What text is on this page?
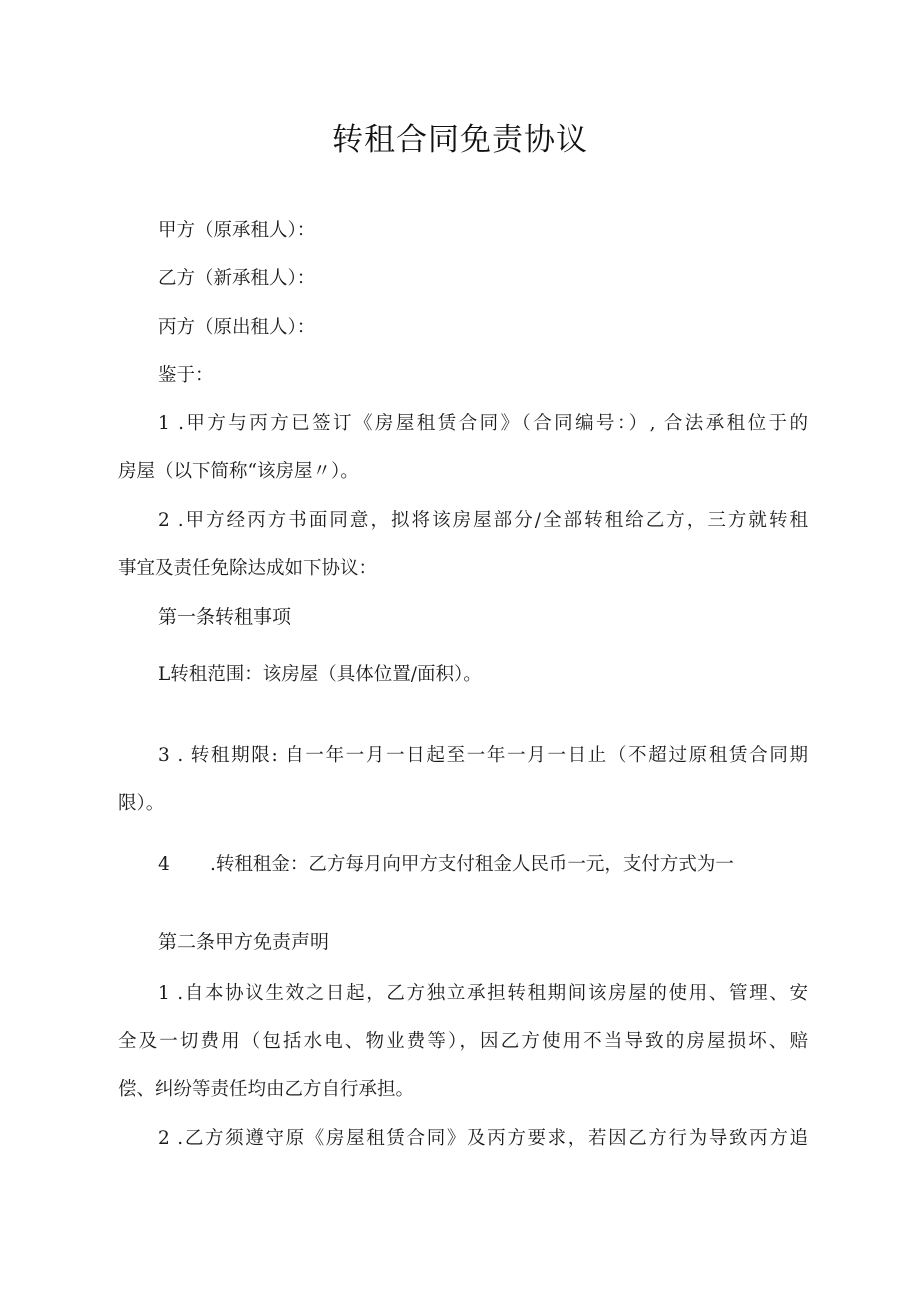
转租合同免责协议
甲方（原承租人）：
乙方（新承租人）：
丙方（原出租人）：
鉴于：
1 .甲方与丙方已签订《房屋租赁合同》（合同编号：）, 合法承租位于的
房屋（以下简称“该房屋〃）。
2 .甲方经丙方书面同意，拟将该房屋部分/全部转租给乙方，三方就转租
事宜及责任免除达成如下协议：
第一条转租事项
L转租范围：该房屋（具体位置/面积）。
3 . 转租期限: 自一年一月一日起至一年一月一日止（不超过原租赁合同期
限）。
4 .转租租金：乙方每月向甲方支付租金人民币一元，支付方式为一
第二条甲方免责声明
1 .自本协议生效之日起，乙方独立承担转租期间该房屋的使用、管理、安
全及一切费用（包括水电、物业费等），因乙方使用不当导致的房屋损坏、赔
偿、纠纷等责任均由乙方自行承担。
2 .乙方须遵守原《房屋租赁合同》及丙方要求，若因乙方行为导致丙方追
